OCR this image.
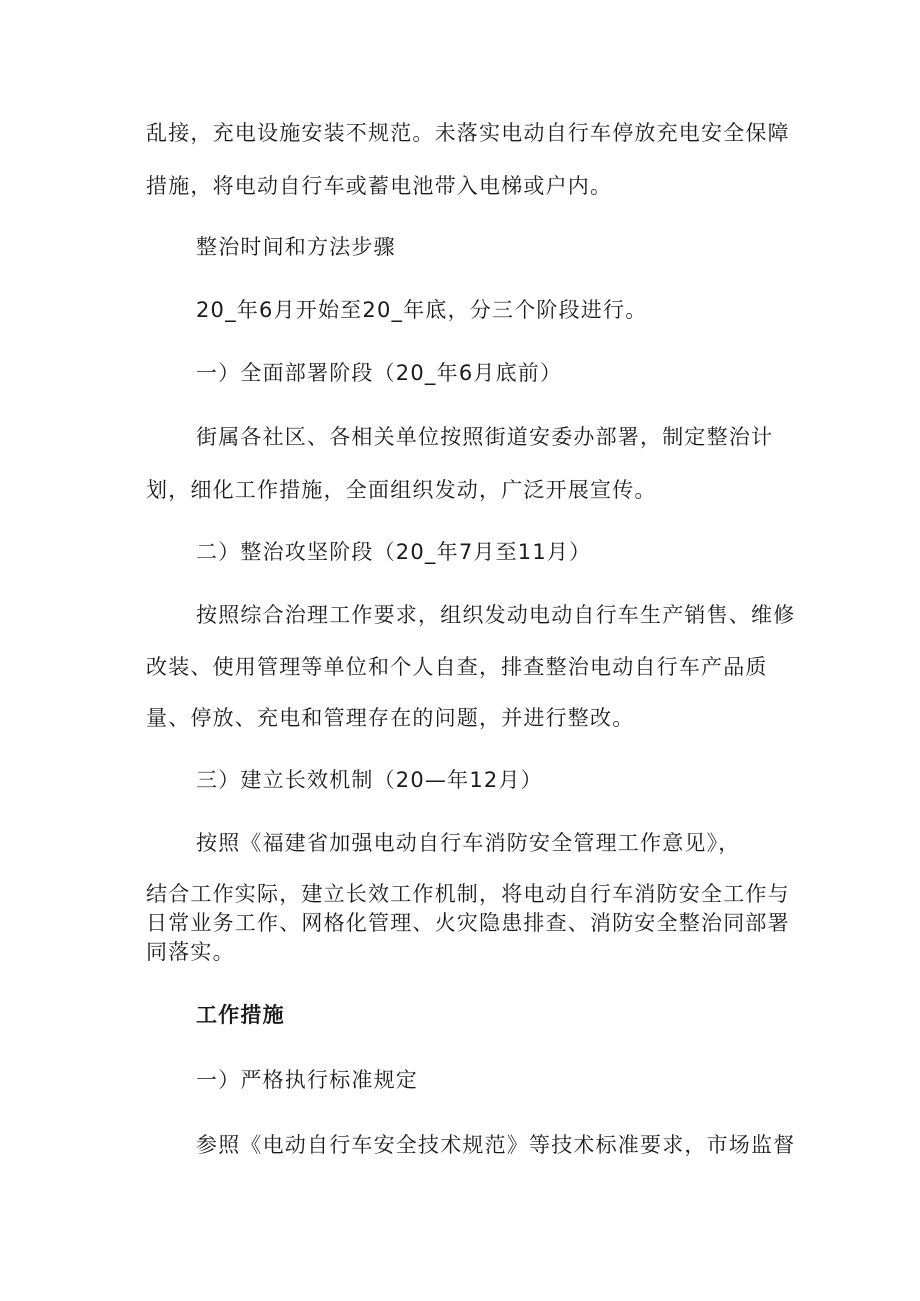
乱接，充电设施安装不规范。未落实电动自行车停放充电安全保障

措施，将电动自行车或蓄电池带入电梯或户内。

整治时间和方法步骤

20_年6月开始至20_年底，分三个阶段进行。

一）全面部署阶段（20_年6月底前）

街属各社区、各相关单位按照街道安委办部署，制定整治计

划，细化工作措施，全面组织发动，广泛开展宣传。

二）整治攻坚阶段（20_年7月至11月）

按照综合治理工作要求，组织发动电动自行车生产销售、维修

改装、使用管理等单位和个人自查，排查整治电动自行车产品质

量、停放、充电和管理存在的问题，并进行整改。

三）建立长效机制（20—年12月）

按照《福建省加强电动自行车消防安全管理工作意见》，

结合工作实际，建立长效工作机制，将电动自行车消防安全工作与

日常业务工作、网格化管理、火灾隐患排查、消防安全整治同部署

同落实。

工作措施

一）严格执行标准规定

参照《电动自行车安全技术规范》等技术标准要求，市场监督
